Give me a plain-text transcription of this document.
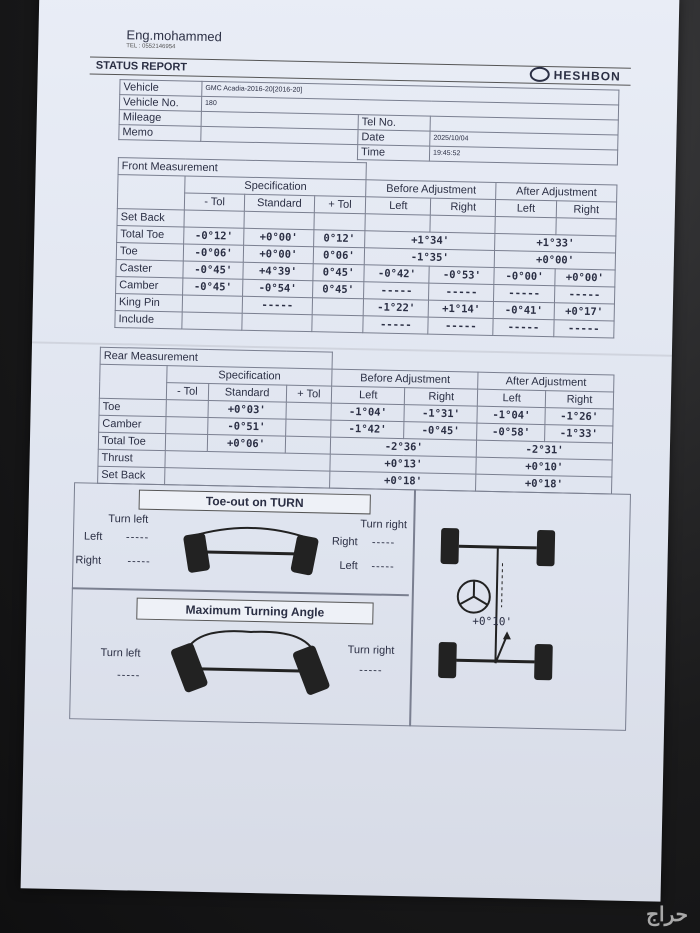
Eng.mohammed
TEL : 0552146954
STATUS REPORT
HESHBON
Vehicle	GMC Acadia-2016-20[2016-20]		
Vehicle No.	180		
Mileage		Tel No.	
Memo		Date	2025/10/04
		Time	19:45:52
Front Measurement							
	Specification			Before Adjustment		After Adjustment	
	- Tol	Standard	+ Tol	Left	Right	Left	Right
Set Back							
Total Toe	-0°12'	+0°00'	0°12'	+1°34'		+1°33'	
Toe	-0°06'	+0°00'	0°06'	-1°35'		+0°00'	
Caster	-0°45'	+4°39'	0°45'	-0°42'	-0°53'	-0°00'	+0°00'
Camber	-0°45'	-0°54'	0°45'	-----	-----	-----	-----
King Pin		-----		-1°22'	+1°14'	-0°41'	+0°17'
Include				-----	-----	-----	-----
Rear Measurement							
	Specification			Before Adjustment		After Adjustment	
	- Tol	Standard	+ Tol	Left	Right	Left	Right
Toe		+0°03'		-1°04'	-1°31'	-1°04'	-1°26'
Camber		-0°51'		-1°42'	-0°45'	-0°58'	-1°33'
Total Toe		+0°06'		-2°36'		-2°31'	
Thrust				+0°13'		+0°10'	
Set Back				+0°18'		+0°18'	
Toe-out on TURN
Turn left	Turn right
Left -----
Right -----
Right -----
Left -----
Maximum Turning Angle
Turn left
-----
Turn right
-----
+0°10'
حراج
